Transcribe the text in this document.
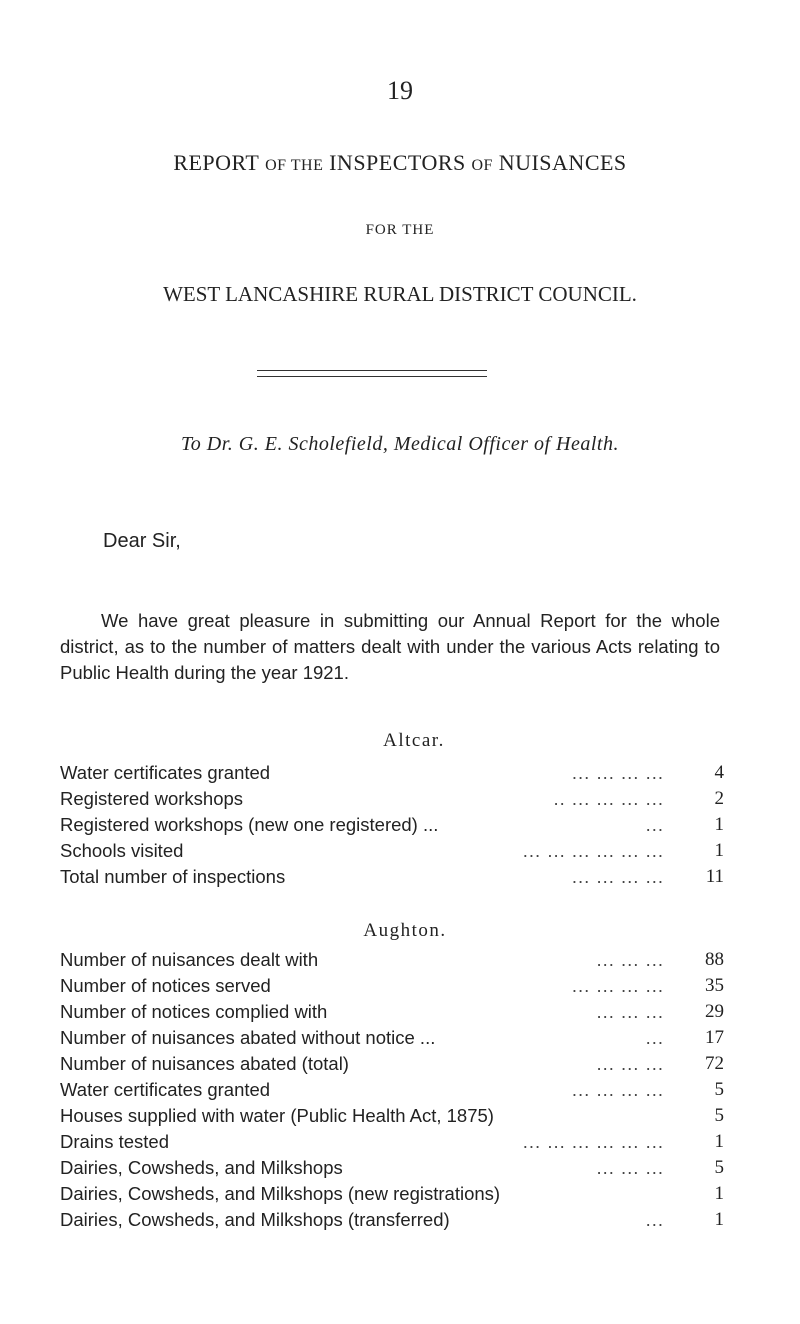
19
REPORT OF THE INSPECTORS OF NUISANCES
FOR THE
WEST LANCASHIRE RURAL DISTRICT COUNCIL.
To Dr. G. E. Scholefield, Medical Officer of Health.
Dear Sir,
We have great pleasure in submitting our Annual Report for the whole district, as to the number of matters dealt with under the various Acts relating to Public Health during the year 1921.
Altcar.
Water certificates granted	... ... ... ...	4
Registered workshops	.. ... ... ... ...	2
Registered workshops (new one registered) ...	...	1
Schools visited	... ... ... ... ... ...	1
Total number of inspections	... ... ... ...	11
Aughton.
Number of nuisances dealt with	... ... ...	88
Number of notices served	... ... ... ...	35
Number of notices complied with	... ... ...	29
Number of nuisances abated without notice ...	...	17
Number of nuisances abated (total)	... ... ...	72
Water certificates granted	... ... ... ...	5
Houses supplied with water (Public Health Act, 1875)	5
Drains tested	... ... ... ... ... ...	1
Dairies, Cowsheds, and Milkshops	... ... ...	5
Dairies, Cowsheds, and Milkshops (new registrations)	1
Dairies, Cowsheds, and Milkshops (transferred)	...	1
